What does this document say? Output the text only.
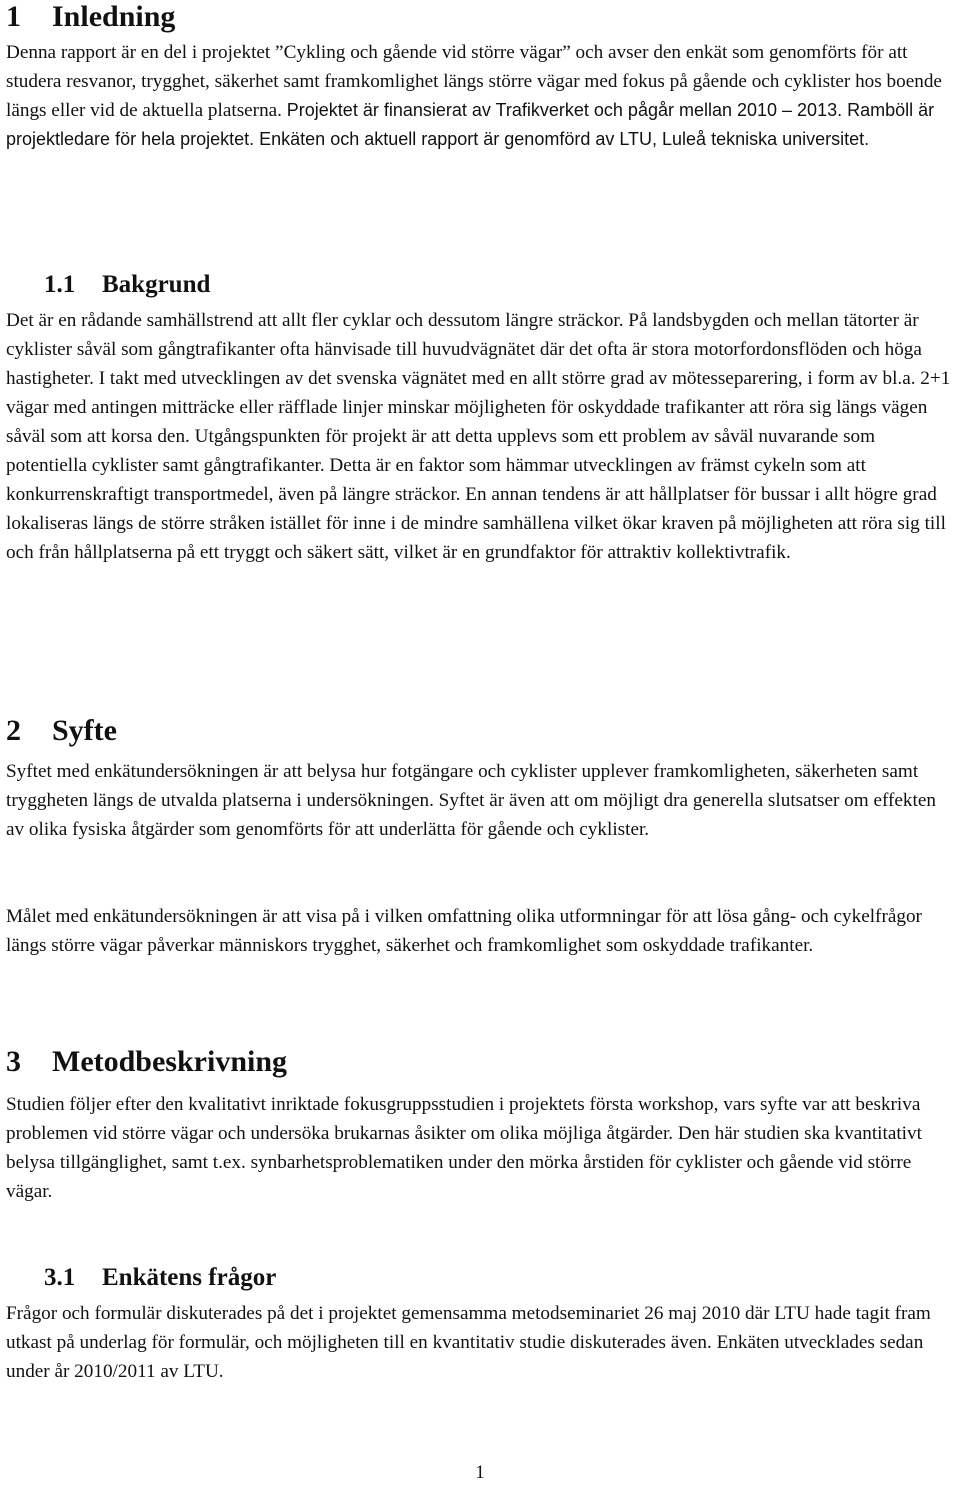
1 Inledning

Denna rapport är en del i projektet ”Cykling och gående vid större vägar” och avser den enkät som genomförts för att studera resvanor, trygghet, säkerhet samt framkomlighet längs större vägar med fokus på gående och cyklister hos boende längs eller vid de aktuella platserna. Projektet är finansierat av Trafikverket och pågår mellan 2010 – 2013. Ramböll är projektledare för hela projektet. Enkäten och aktuell rapport är genomförd av LTU, Luleå tekniska universitet.

1.1 Bakgrund

Det är en rådande samhällstrend att allt fler cyklar och dessutom längre sträckor. På landsbygden och mellan tätorter är cyklister såväl som gångtrafikanter ofta hänvisade till huvudvägnätet där det ofta är stora motorfordonsflöden och höga hastigheter. I takt med utvecklingen av det svenska vägnätet med en allt större grad av mötesseparering, i form av bl.a. 2+1 vägar med antingen mitträcke eller räfflade linjer minskar möjligheten för oskyddade trafikanter att röra sig längs vägen såväl som att korsa den. Utgångspunkten för projekt är att detta upplevs som ett problem av såväl nuvarande som potentiella cyklister samt gångtrafikanter. Detta är en faktor som hämmar utvecklingen av främst cykeln som att konkurrenskraftigt transportmedel, även på längre sträckor. En annan tendens är att hållplatser för bussar i allt högre grad lokaliseras längs de större stråken istället för inne i de mindre samhällena vilket ökar kraven på möjligheten att röra sig till och från hållplatserna på ett tryggt och säkert sätt, vilket är en grundfaktor för attraktiv kollektivtrafik.

2 Syfte

Syftet med enkätundersökningen är att belysa hur fotgängare och cyklister upplever framkomligheten, säkerheten samt tryggheten längs de utvalda platserna i undersökningen. Syftet är även att om möjligt dra generella slutsatser om effekten av olika fysiska åtgärder som genomförts för att underlätta för gående och cyklister.

Målet med enkätundersökningen är att visa på i vilken omfattning olika utformningar för att lösa gång- och cykelfrågor längs större vägar påverkar människors trygghet, säkerhet och framkomlighet som oskyddade trafikanter.

3 Metodbeskrivning

Studien följer efter den kvalitativt inriktade fokusgruppsstudien i projektets första workshop, vars syfte var att beskriva problemen vid större vägar och undersöka brukarnas åsikter om olika möjliga åtgärder. Den här studien ska kvantitativt belysa tillgänglighet, samt t.ex. synbarhetsproblematiken under den mörka årstiden för cyklister och gående vid större vägar.

3.1 Enkätens frågor

Frågor och formulär diskuterades på det i projektet gemensamma metodseminariet 26 maj 2010 där LTU hade tagit fram utkast på underlag för formulär, och möjligheten till en kvantitativ studie diskuterades även. Enkäten utvecklades sedan under år 2010/2011 av LTU.

1
